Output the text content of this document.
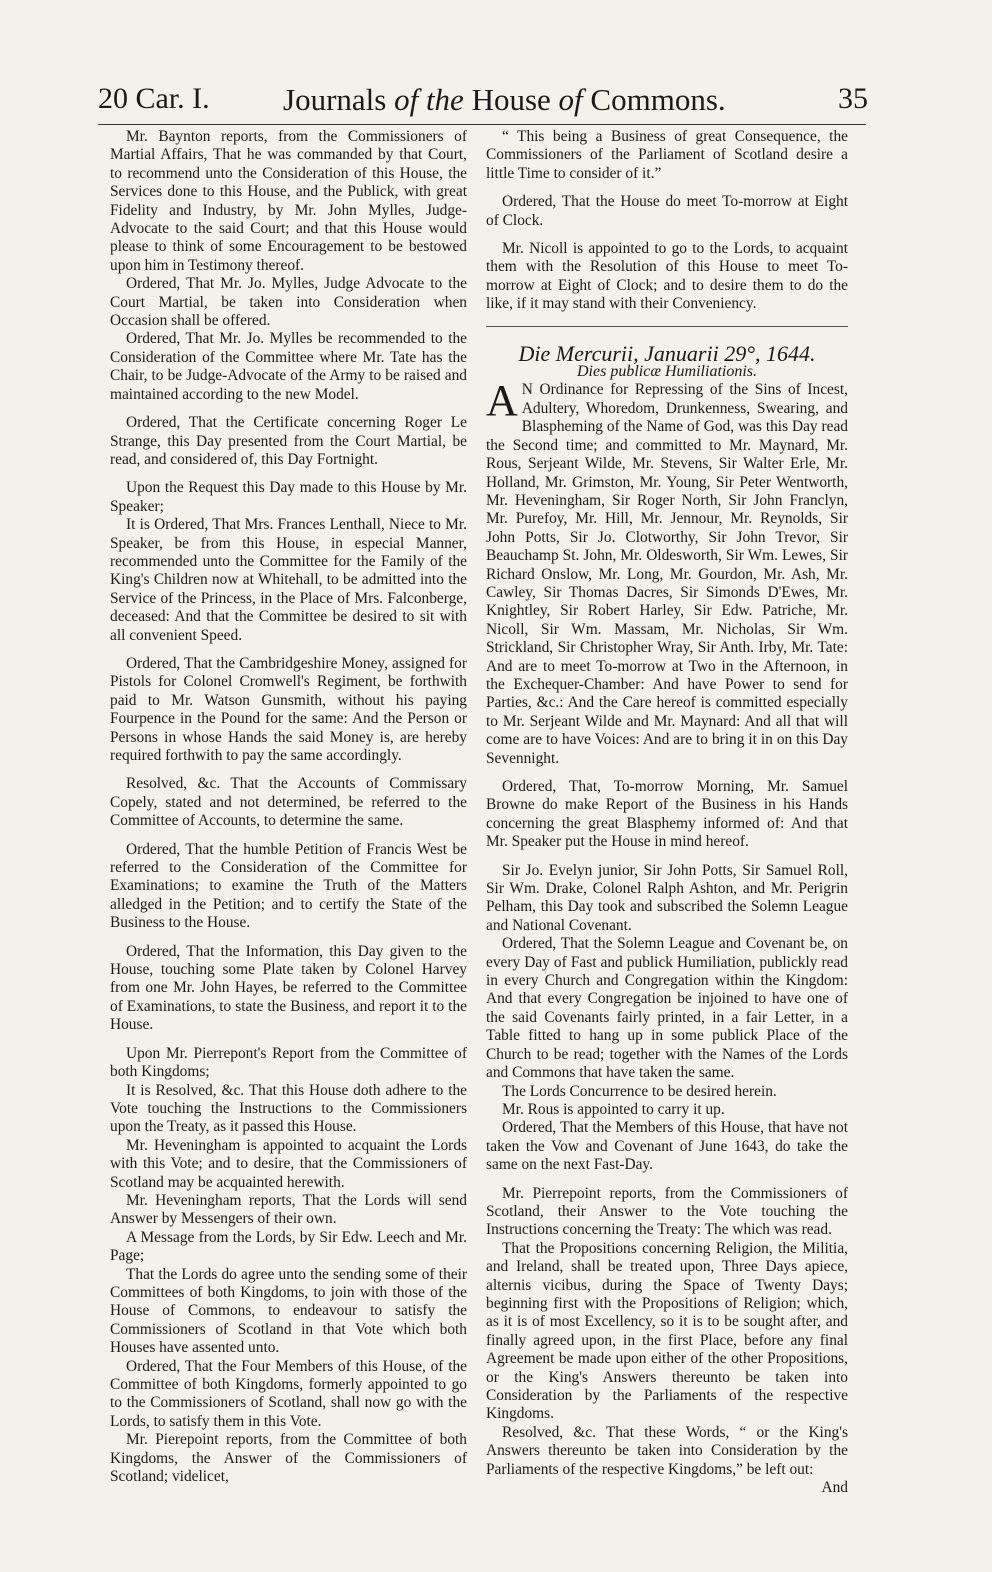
20 Car. I. Journals of the House of Commons.	35

Mr. Baynton reports, from the Commissioners of Martial Affairs, That he was commanded by that Court, to recommend unto the Consideration of this House, the Services done to this House, and the Publick, with great Fidelity and Industry, by Mr. John Mylles, Judge-Advocate to the said Court; and that this House would please to think of some Encouragement to be bestowed upon him in Testimony thereof.

Ordered, That Mr. Jo. Mylles, Judge Advocate to the Court Martial, be taken into Consideration when Occasion shall be offered.

Ordered, That Mr. Jo. Mylles be recommended to the Consideration of the Committee where Mr. Tate has the Chair, to be Judge-Advocate of the Army to be raised and maintained according to the new Model.

Ordered, That the Certificate concerning Roger Le Strange, this Day presented from the Court Martial, be read, and considered of, this Day Fortnight.

Upon the Request this Day made to this House by Mr. Speaker;

It is Ordered, That Mrs. Frances Lenthall, Niece to Mr. Speaker, be from this House, in especial Manner, recommended unto the Committee for the Family of the King's Children now at Whitehall, to be admitted into the Service of the Princess, in the Place of Mrs. Falconberge, deceased: And that the Committee be desired to sit with all convenient Speed.

Ordered, That the Cambridgeshire Money, assigned for Pistols for Colonel Cromwell's Regiment, be forthwith paid to Mr. Watson Gunsmith, without his paying Fourpence in the Pound for the same: And the Person or Persons in whose Hands the said Money is, are hereby required forthwith to pay the same accordingly.

Resolved, &c. That the Accounts of Commissary Copely, stated and not determined, be referred to the Committee of Accounts, to determine the same.

Ordered, That the humble Petition of Francis West be referred to the Consideration of the Committee for Examinations; to examine the Truth of the Matters alledged in the Petition; and to certify the State of the Business to the House.

Ordered, That the Information, this Day given to the House, touching some Plate taken by Colonel Harvey from one Mr. John Hayes, be referred to the Committee of Examinations, to state the Business, and report it to the House.

Upon Mr. Pierrepont's Report from the Committee of both Kingdoms;

It is Resolved, &c. That this House doth adhere to the Vote touching the Instructions to the Commissioners upon the Treaty, as it passed this House.

Mr. Heveningham is appointed to acquaint the Lords with this Vote; and to desire, that the Commissioners of Scotland may be acquainted herewith.

Mr. Heveningham reports, That the Lords will send Answer by Messengers of their own.

A Message from the Lords, by Sir Edw. Leech and Mr. Page;

That the Lords do agree unto the sending some of their Committees of both Kingdoms, to join with those of the House of Commons, to endeavour to satisfy the Commissioners of Scotland in that Vote which both Houses have assented unto.

Ordered, That the Four Members of this House, of the Committee of both Kingdoms, formerly appointed to go to the Commissioners of Scotland, shall now go with the Lords, to satisfy them in this Vote.

Mr. Pierepoint reports, from the Committee of both Kingdoms, the Answer of the Commissioners of Scotland; videlicet,

“ This being a Business of great Consequence, the Commissioners of the Parliament of Scotland desire a little Time to consider of it.”

Ordered, That the House do meet To-morrow at Eight of Clock.

Mr. Nicoll is appointed to go to the Lords, to acquaint them with the Resolution of this House to meet To-morrow at Eight of Clock; and to desire them to do the like, if it may stand with their Conveniency.

Die Mercurii, Januarii 29°, 1644.

Dies publicæ Humiliationis.

A N Ordinance for Repressing of the Sins of Incest, Adultery, Whoredom, Drunkenness, Swearing, and Blaspheming of the Name of God, was this Day read the Second time; and committed to Mr. Maynard, Mr. Rous, Serjeant Wilde, Mr. Stevens, Sir Walter Erle, Mr. Holland, Mr. Grimston, Mr. Young, Sir Peter Wentworth, Mr. Heveningham, Sir Roger North, Sir John Franclyn, Mr. Purefoy, Mr. Hill, Mr. Jennour, Mr. Reynolds, Sir John Potts, Sir Jo. Clotworthy, Sir John Trevor, Sir Beauchamp St. John, Mr. Oldesworth, Sir Wm. Lewes, Sir Richard Onslow, Mr. Long, Mr. Gourdon, Mr. Ash, Mr. Cawley, Sir Thomas Dacres, Sir Simonds D'Ewes, Mr. Knightley, Sir Robert Harley, Sir Edw. Patriche, Mr. Nicoll, Sir Wm. Massam, Mr. Nicholas, Sir Wm. Strickland, Sir Christopher Wray, Sir Anth. Irby, Mr. Tate: And are to meet To-morrow at Two in the Afternoon, in the Exchequer-Chamber: And have Power to send for Parties, &c.: And the Care hereof is committed especially to Mr. Serjeant Wilde and Mr. Maynard: And all that will come are to have Voices: And are to bring it in on this Day Sevennight.

Ordered, That, To-morrow Morning, Mr. Samuel Browne do make Report of the Business in his Hands concerning the great Blasphemy informed of: And that Mr. Speaker put the House in mind hereof.

Sir Jo. Evelyn junior, Sir John Potts, Sir Samuel Roll, Sir Wm. Drake, Colonel Ralph Ashton, and Mr. Perigrin Pelham, this Day took and subscribed the Solemn League and National Covenant.

Ordered, That the Solemn League and Covenant be, on every Day of Fast and publick Humiliation, publickly read in every Church and Congregation within the Kingdom: And that every Congregation be injoined to have one of the said Covenants fairly printed, in a fair Letter, in a Table fitted to hang up in some publick Place of the Church to be read; together with the Names of the Lords and Commons that have taken the same.

The Lords Concurrence to be desired herein.

Mr. Rous is appointed to carry it up.

Ordered, That the Members of this House, that have not taken the Vow and Covenant of June 1643, do take the same on the next Fast-Day.

Mr. Pierrepoint reports, from the Commissioners of Scotland, their Answer to the Vote touching the Instructions concerning the Treaty: The which was read.

That the Propositions concerning Religion, the Militia, and Ireland, shall be treated upon, Three Days apiece, alternis vicibus, during the Space of Twenty Days; beginning first with the Propositions of Religion; which, as it is of most Excellency, so it is to be sought after, and finally agreed upon, in the first Place, before any final Agreement be made upon either of the other Propositions, or the King's Answers thereunto be taken into Consideration by the Parliaments of the respective Kingdoms.

Resolved, &c. That these Words, “ or the King's Answers thereunto be taken into Consideration by the Parliaments of the respective Kingdoms,” be left out:

And
